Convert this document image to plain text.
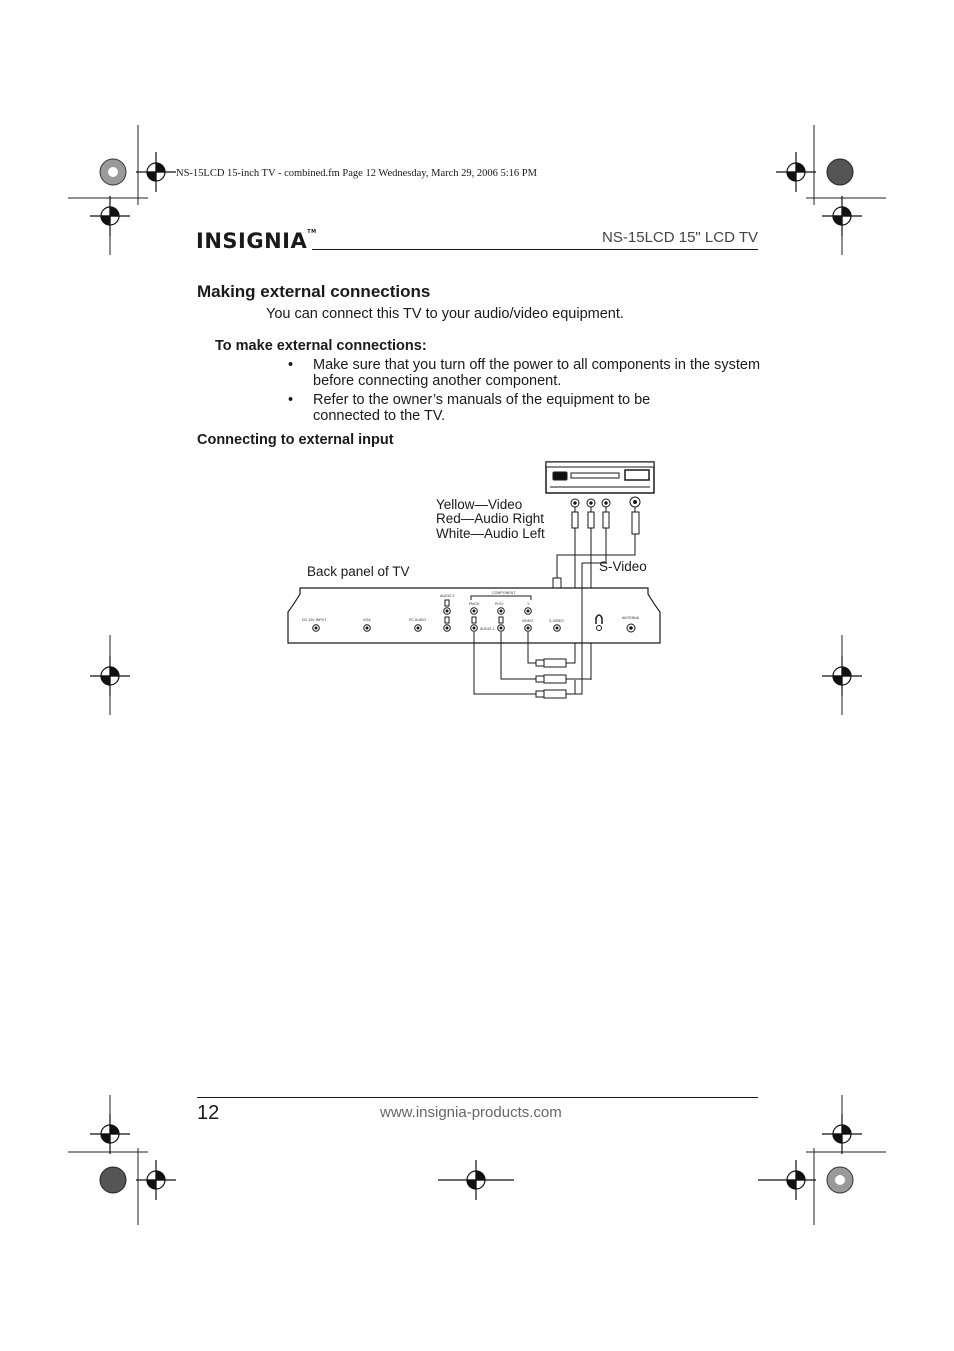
NS-15LCD 15-inch TV - combined.fm Page 12 Wednesday, March 29, 2006 5:16 PM
INSIGNIA™	NS-15LCD 15" LCD TV
Making external connections
You can connect this TV to your audio/video equipment.
To make external connections:
• Make sure that you turn off the power to all components in the system before connecting another component.
• Refer to the owner’s manuals of the equipment to be connected to the TV.
Connecting to external input
DC 12V INPUT	VGA	PC AUDIO
AUDIO 2
COMPONENT
Pb/Cb	Pr/Cr	Y
VIDEO
AUDIO 1
S-VIDEO
ANTENNA
Yellow—Video
Red—Audio Right
White—Audio Left
S-Video
Back panel of TV
12	www.insignia-products.com
